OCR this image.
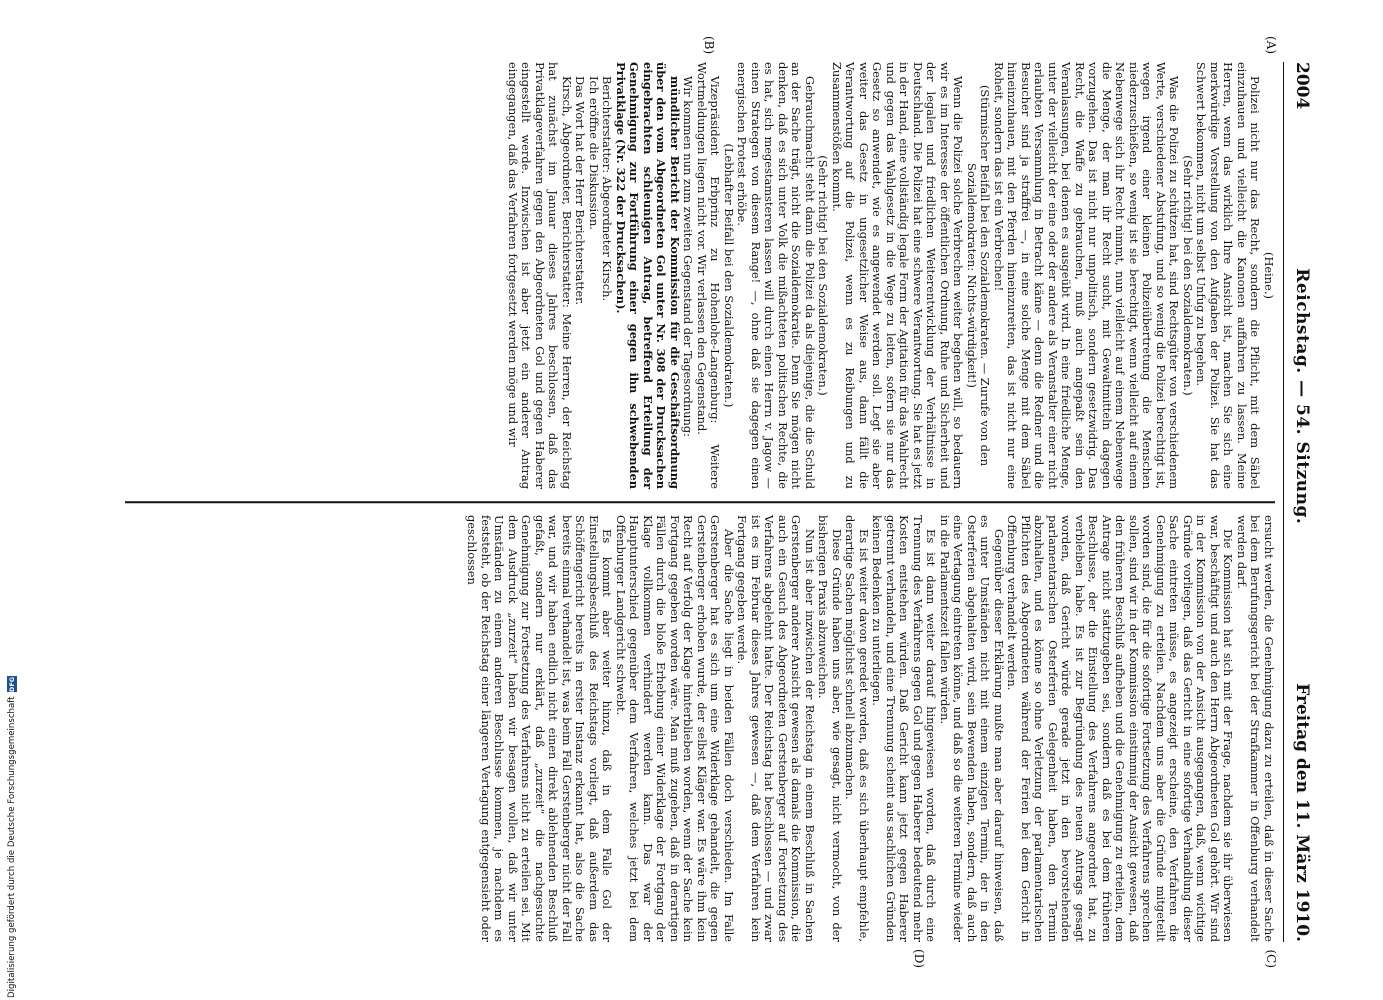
2004
Reichstag. — 54. Sitzung.
Freitag den 11. März 1910.
(A)
(B)

(Heine.)

Polizei nicht nur das Recht, sondern die Pflicht, mit dem Säbel einzuhauen und vielleicht die Kanonen auffahren zu lassen. Meine Herren, wenn das wirklich Ihre Ansicht ist, machen Sie sich eine merkwürdige Vorstellung von den Aufgaben der Polizei. Sie hat das Schwert bekommen, nicht um selbst Unfug zu begehen.

(Sehr richtig! bei den Sozialdemokraten.)

Was die Polizei zu schützen hat, sind Rechtsgüter von verschiedenem Werte, verschiedener Abstufung, und so wenig die Polizei berechtigt ist, wegen irgend einer kleinen Polizeiübertretung die Menschen niederzuschießen, so wenig ist sie berechtigt, wenn vielleicht auf einem Nebenwege sich ihr Recht nimmt, nun vielleicht auf einem Nebenwege die Menge, der man ihr Recht sucht, mit Gewaltmitteln dagegen vorzugehen. Das ist nicht nur unpolitisch, sondern gesetzwidrig. Das Recht, die Waffe zu gebrauchen, muß auch angepaßt sein den Veranlassungen, bei denen es ausgeübt wird. In eine friedliche Menge, unter der vielleicht der eine oder der andere als Veranstalter einer nicht erlaubten Versammlung in Betracht käme — denn die Redner und die Besucher sind ja straffrei —, in eine solche Menge mit dem Säbel hineinzuhauen, mit den Pferden hineinzureiten, das ist nicht nur eine Roheit, sondern das ist ein Verbrechen!

(Stürmischer Beifall bei den Sozialdemokraten. — Zurufe von den Sozialdemokraten: Nichts-würdigkeit!)

Wenn die Polizei solche Verbrechen weiter begehen will, so bedauern wir es im Interesse der öffentlichen Ordnung, Ruhe und Sicherheit und der legalen und friedlichen Weiterentwicklung der Verhältnisse in Deutschland. Die Polizei hat eine schwere Verantwortung. Sie hat es jetzt in der Hand, eine vollständig legale Form der Agitation für das Wahlrecht und gegen das Wahlgesetz in die Wege zu leiten, sofern sie nur das Gesetz so anwendet, wie es angewendet werden soll. Legt sie aber weiter das Gesetz in ungesetzlicher Weise aus, dann fällt die Verantwortung auf die Polizei, wenn es zu Reibungen und zu Zusammenstößen kommt.

(Sehr richtig! bei den Sozialdemokraten.)

Gebrauchmacht steht dann die Polizei da als diejenige, die die Schuld an der Sache trägt, nicht die Sozialdemokratie. Denn Sie mögen nicht denken, daß es sich unter Volk die mißachteten politischen Rechte, die es hat, sich megestamsteren lassen will durch einen Herrn v. Jagow — einen Strategen von diesem Range! —, ohne daß sie dagegen einen energischen Protest erhöbe.

(Lebhafter Beifall bei den Sozialdemokraten.)

Vizepräsident Erbprinz zu Hohenlohe-Langenburg: Weitere Wortmeldungen liegen nicht vor. Wir verlassen den Gegenstand.

Wir kommen nun zum zweiten Gegenstand der Tagesordnung:

mündlicher Bericht der Kommission für die Geschäftsordnung über den vom Abgeordneten Gol unter Nr. 308 der Drucksachen eingebrachten schleunigen Antrag, betreffend Erteilung der Genehmigung zur Fortführung einer gegen ihn schwebenden Privatklage (Nr. 322 der Drucksachen).

Berichterstatter: Abgeordneter Kirsch.

Ich eröffne die Diskussion.

Das Wort hat der Herr Berichterstatter.

Kirsch, Abgeordneter, Berichterstatter: Meine Herren, der Reichstag hat zunächst im Januar dieses Jahres beschlossen, daß das Privatklageverfahren gegen den Abgeordneten Gol und gegen Haberer eingestellt werde. Inzwischen ist aber jetzt ein anderer Antrag eingegangen, daß das Verfahren fortgesetzt werden möge und wir

(C)
(D)

ersucht werden, die Genehmigung dazu zu erteilen, daß in dieser Sache bei dem Berufungsgericht bei der Strafkammer in Offenburg verhandelt werden darf.

Die Kommission hat sich mit der Frage, nachdem sie ihr überwiesen war, beschäftigt und auch den Herrn Abgeordneten Gol gehört. Wir sind in der Kommission von der Ansicht ausgegangen, daß, wenn wichtige Gründe vorliegen, daß das Gericht in eine sofortige Verhandlung dieser Sache eintreten müsse, es angezeigt erscheine, den Verfahren die Genehmigung zu erteilen. Nachdem uns aber die Gründe mitgeteilt worden sind, die für die sofortige Fortsetzung des Verfahrens sprechen sollen, sind wir in der Kommission einstimmig der Ansicht gewesen, daß den früheren Beschluß aufheben und die Genehmigung zu erteilen, dem Antrage nicht stattzugeben sei, sondern daß es bei dem früheren Beschlusse, der die Einstellung des Verfahrens angeordnet hat, zu verbleiben habe. Es ist zur Begründung des neuen Antrags gesagt worden, daß Gericht würde gerade jetzt in den bevorstehenden parlamentarischen Osterferien Gelegenheit haben, den Termin abzuhalten, und es könne so ohne Verletzung der parlamentarischen Pflichten des Abgeordneten während der Ferien bei dem Gericht in Offenburg verhandelt werden.

Gegenüber dieser Erklärung mußte man aber darauf hinweisen, daß es unter Umständen nicht mit einem einzigen Termin, der in den Osterferien abgehalten wird, sein Bewenden haben, sondern, daß auch eine Vertagung eintreten könne, und daß so die weiteren Termine wieder in die Parlamentszeit fallen würden.

Es ist dann weiter darauf hingewiesen worden, daß durch eine Trennung des Verfahrens gegen Gol und gegen Haberer bedeutend mehr Kosten entstehen würden. Daß Gericht kann jetzt gegen Haberer getrennt verhandeln, und eine Trennung scheint aus sachlichen Gründen keinen Bedenken zu unterliegen.

Es ist weiter davon geredet worden, daß es sich überhaupt empfehle, derartige Sachen möglichst schnell abzumachen.

Diese Gründe haben uns aber, wie gesagt, nicht vermocht, von der bisherigen Praxis abzuweichen.

Nun ist aber inzwischen der Reichstag in einem Beschluß in Sachen Gerstenberger anderer Ansicht gewesen als damals die Kommission, die auch ein Gesuch des Abgeordneten Gerstenberger auf Fortsetzung des Verfahrens abgelehnt hatte. Der Reichstag hat beschlossen — und zwar ist es im Februar dieses Jahres gewesen —, daß dem Verfahren kein Fortgang gegeben werde.

Aber die Sache liegt in beiden Fällen doch verschieden. Im Falle Gerstenberger hat es sich um eine Widerklage gehandelt, die gegen Gerstenberger erhoben wurde, der selbst Kläger war. Es wäre ihm kein Recht auf Verfolg der Klage hinterblieben worden, wenn der Sache kein Fortgang gegeben worden wäre. Man muß zugeben, daß in derartigen Fällen durch die bloße Erhebung einer Widerklage der Fortgang der Klage vollkommen verhindert werden kann. Das war der Hauptunterschied gegenüber dem Verfahren, welches jetzt bei dem Offenburger Landgericht schwebt.

Es kommt aber weiter hinzu, daß in dem Falle Gol der Einstellungsbeschluß des Reichstags vorliegt, daß außerdem das Schöffengericht bereits in erster Instanz erkannt hat, also die Sache bereits einmal verhandelt ist, was beim Fall Gerstenberger nicht der Fall war, und wir haben endlich nicht einen direkt ablehnenden Beschluß gefaßt, sondern nur erklärt, daß „zurzeit“ die nachgesuchte Genehmigung zur Fortsetzung des Verfahrens nicht zu erteilen sei. Mit dem Ausdruck „zurzeit“ haben wir besagen wollen, daß wir unter Umständen zu einem anderen Beschlusse kommen, je nachdem es feststeht, ob der Reichstag einer längeren Vertagung entgegensieht oder geschlossen

Digitalisierung gefördert durch die Deutsche Forschungsgemeinschaft
DFG
